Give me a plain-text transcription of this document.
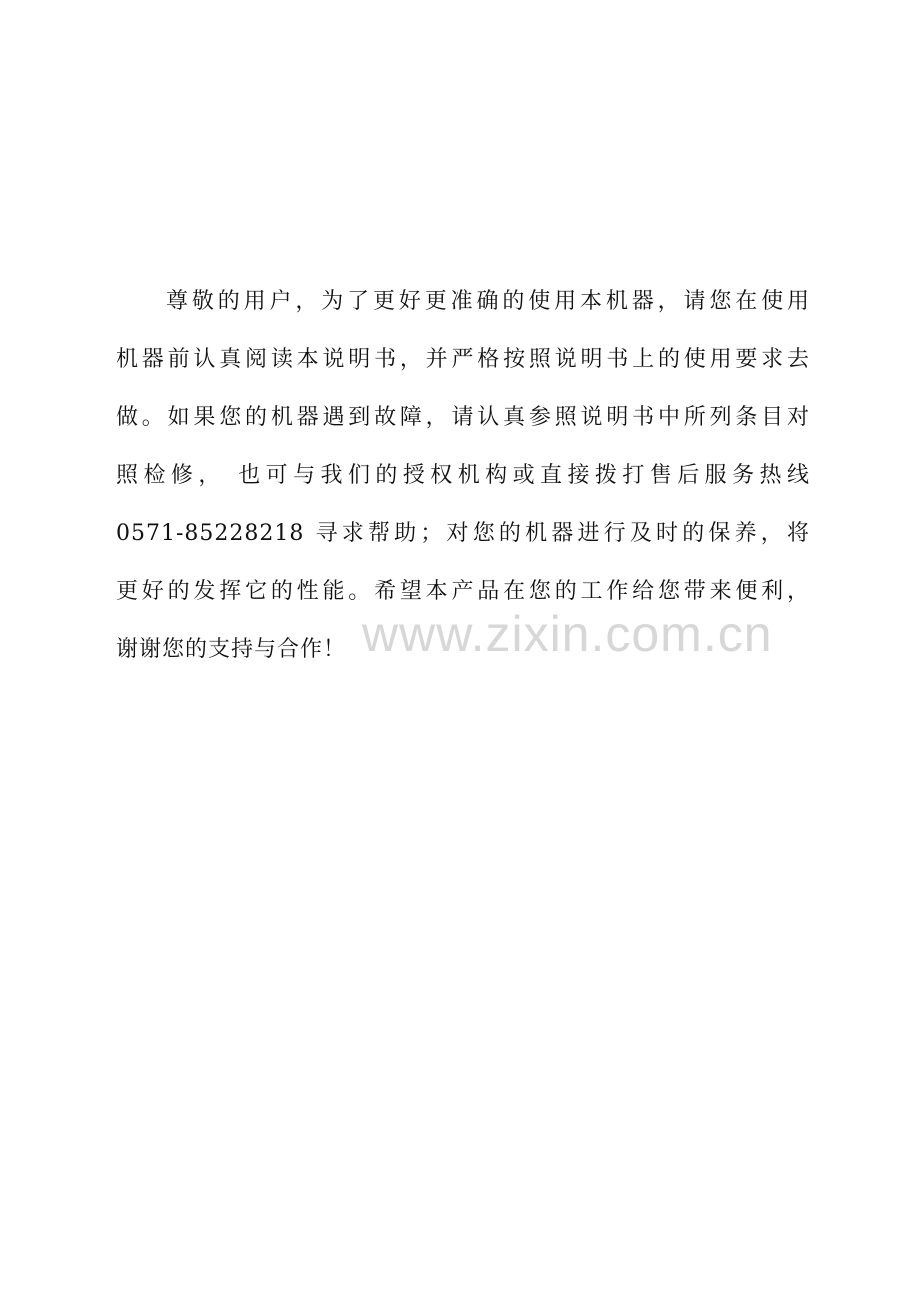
尊敬的用户，为了更好更准确的使用本机器，请您在使用
机器前认真阅读本说明书，并严格按照说明书上的使用要求去
做。如果您的机器遇到故障，请认真参照说明书中所列条目对
照检修， 也可与我们的授权机构或直接拨打售后服务热线
0571-85228218 寻求帮助；对您的机器进行及时的保养，将
更好的发挥它的性能。希望本产品在您的工作给您带来便利，
谢谢您的支持与合作！ www.zixin.com.cn
